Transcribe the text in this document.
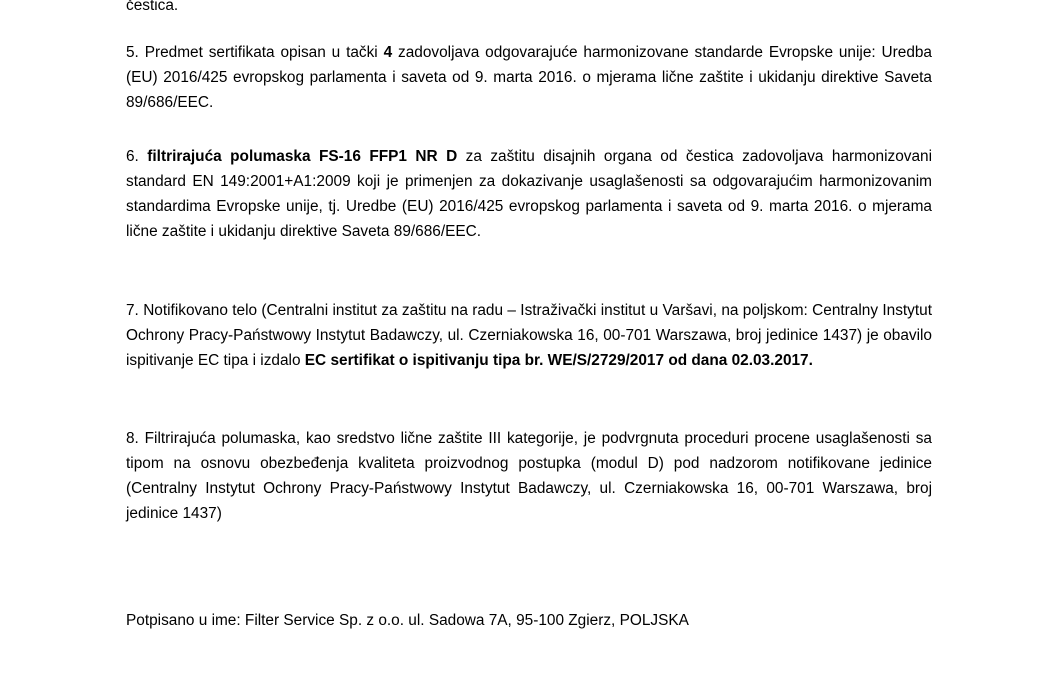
čestica.

5. Predmet sertifikata opisan u tački 4 zadovoljava odgovarajuće harmonizovane standarde Evropske unije: Uredba (EU) 2016/425 evropskog parlamenta i saveta od 9. marta 2016. o mjerama lične zaštite i ukidanju direktive Saveta 89/686/EEC.

6. filtrirajuća polumaska FS-16 FFP1 NR D za zaštitu disajnih organa od čestica zadovoljava harmonizovani standard EN 149:2001+A1:2009 koji je primenjen za dokazivanje usaglašenosti sa odgovarajućim harmonizovanim standardima Evropske unije, tj. Uredbe (EU) 2016/425 evropskog parlamenta i saveta od 9. marta 2016. o mjerama lične zaštite i ukidanju direktive Saveta 89/686/EEC.

7. Notifikovano telo (Centralni institut za zaštitu na radu – Istraživački institut u Varšavi, na poljskom: Centralny Instytut Ochrony Pracy-Państwowy Instytut Badawczy, ul. Czerniakowska 16, 00-701 Warszawa, broj jedinice 1437) je obavilo ispitivanje EC tipa i izdalo EC sertifikat o ispitivanju tipa br. WE/S/2729/2017 od dana 02.03.2017.

8. Filtrirajuća polumaska, kao sredstvo lične zaštite III kategorije, je podvrgnuta proceduri procene usaglašenosti sa tipom na osnovu obezbeđenja kvaliteta proizvodnog postupka (modul D) pod nadzorom notifikovane jedinice (Centralny Instytut Ochrony Pracy-Państwowy Instytut Badawczy, ul. Czerniakowska 16, 00-701 Warszawa, broj jedinice 1437)

Potpisano u ime: Filter Service Sp. z o.o. ul. Sadowa 7A, 95-100 Zgierz, POLJSKA
